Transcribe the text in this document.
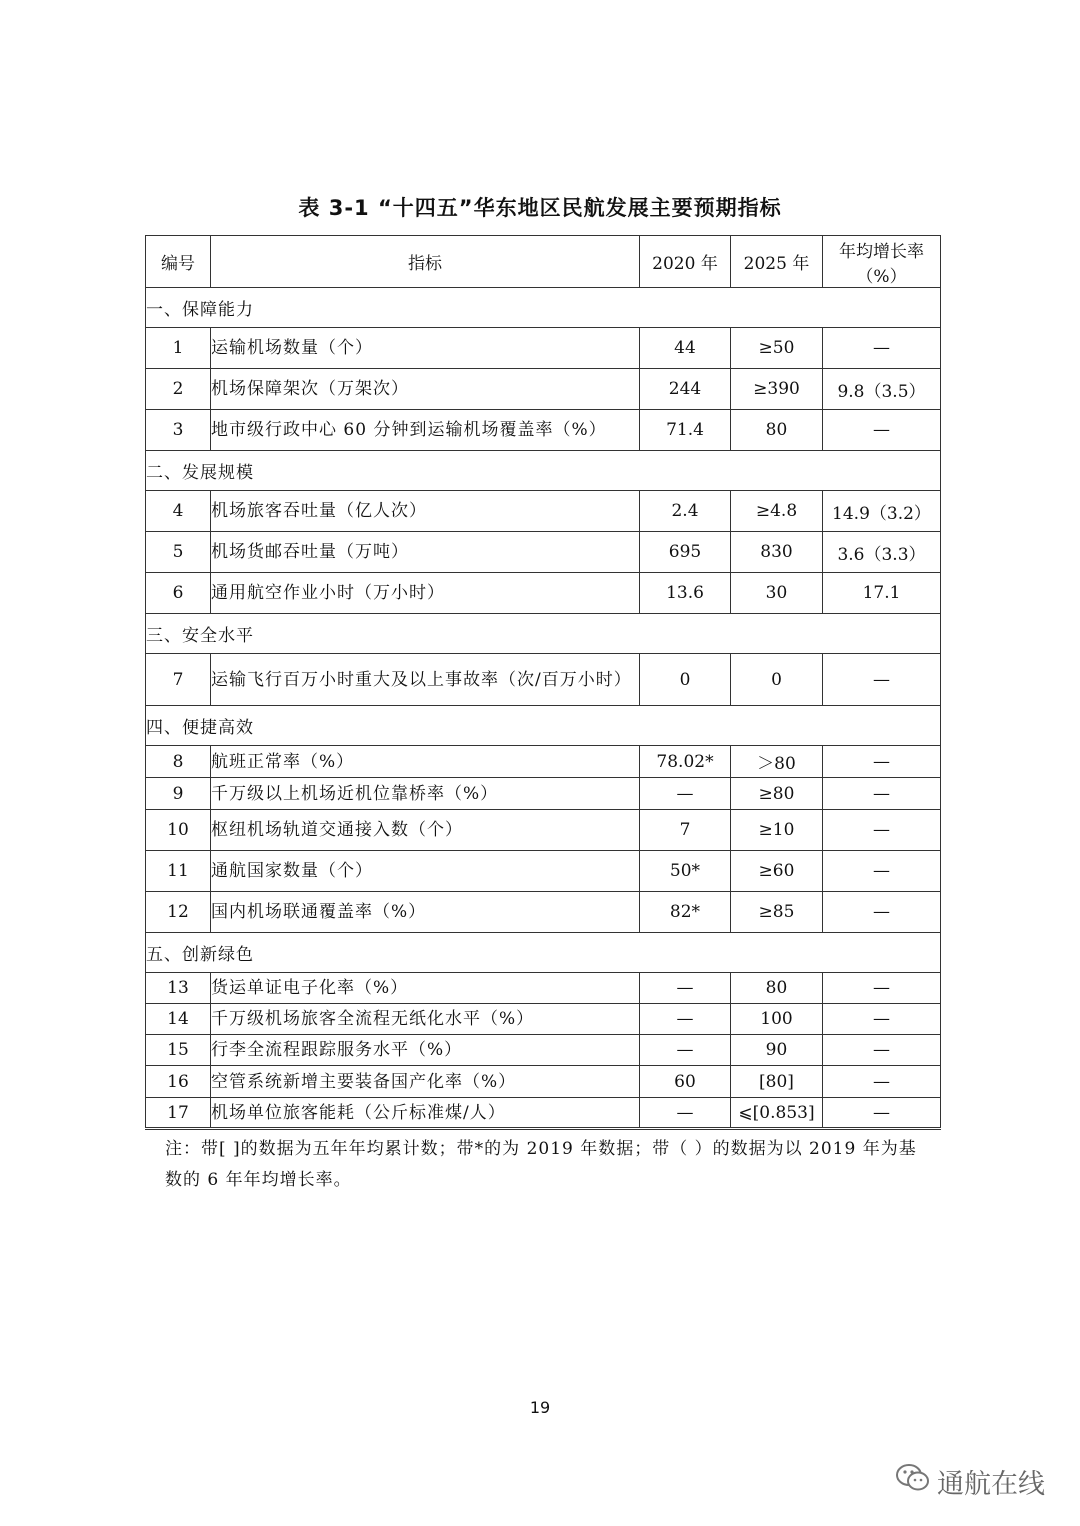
表 3-1 “十四五”华东地区民航发展主要预期指标
编号	指标	2020 年	2025 年	年均增长率
（%）

一、保障能力				
1	运输机场数量（个）	44	≥50	—
2	机场保障架次（万架次）	244	≥390	9.8（3.5）
3	地市级行政中心 60 分钟到运输机场覆盖率（%）	71.4	80	—
二、发展规模				
4	机场旅客吞吐量（亿人次）	2.4	≥4.8	14.9（3.2）
5	机场货邮吞吐量（万吨）	695	830	3.6（3.3）
6	通用航空作业小时（万小时）	13.6	30	17.1
三、安全水平				
7	运输飞行百万小时重大及以上事故率（次/百万小时）	0	0	—
四、便捷高效				
8	航班正常率（%）	78.02*	＞80	—
9	千万级以上机场近机位靠桥率（%）	—	≥80	—
10	枢纽机场轨道交通接入数（个）	7	≥10	—
11	通航国家数量（个）	50*	≥60	—
12	国内机场联通覆盖率（%）	82*	≥85	—
五、创新绿色				
13	货运单证电子化率（%）	—	80	—
14	千万级机场旅客全流程无纸化水平（%）	—	100	—
15	行李全流程跟踪服务水平（%）	—	90	—
16	空管系统新增主要装备国产化率（%）	60	[80]	—
17	机场单位旅客能耗（公斤标准煤/人）	—	⩽[0.853]	—
注：带[ ]的数据为五年年均累计数；带*的为 2019 年数据；带（ ）的数据为以 2019 年为基数的 6 年年均增长率。
19
通航在线
